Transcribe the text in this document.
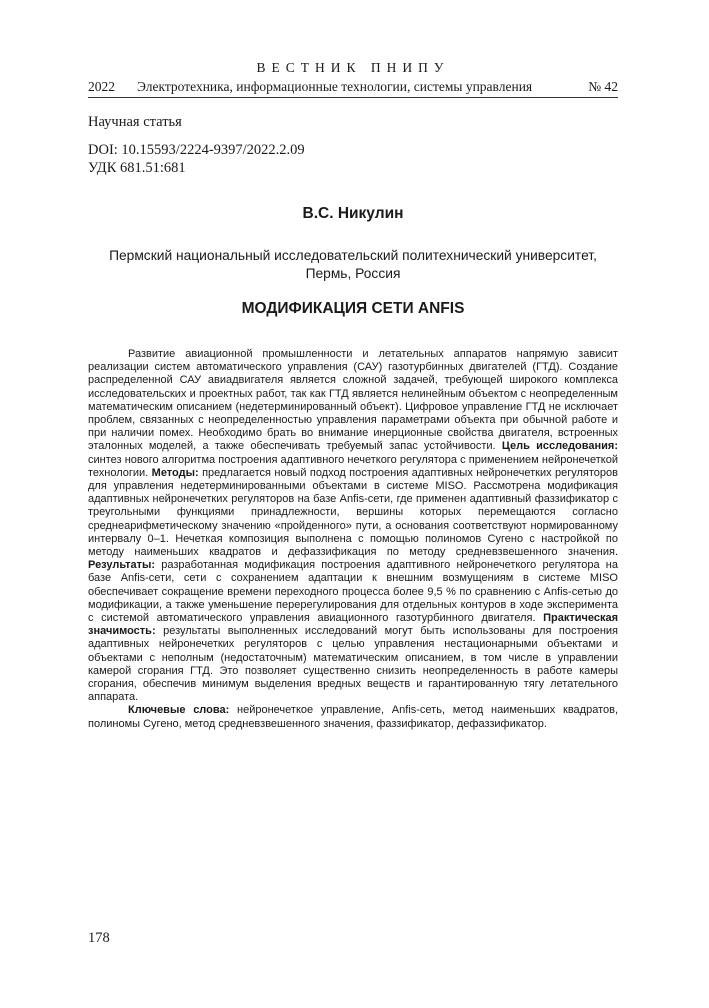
ВЕСТНИК ПНИПУ
2022 Электротехника, информационные технологии, системы управления	№ 42
Научная статья
DOI: 10.15593/2224-9397/2022.2.09
УДК 681.51:681
В.С. Никулин
Пермский национальный исследовательский политехнический университет,
Пермь, Россия
МОДИФИКАЦИЯ СЕТИ ANFIS

Развитие авиационной промышленности и летательных аппаратов напрямую зависит реализации систем автоматического управления (САУ) газотурбинных двигателей (ГТД). Создание распределенной САУ авиадвигателя является сложной задачей, требующей широкого комплекса исследовательских и проектных работ, так как ГТД является нелинейным объектом с неопределенным математическим описанием (недетерминированный объект). Цифровое управление ГТД не исключает проблем, связанных с неопределенностью управления параметрами объекта при обычной работе и при наличии помех. Необходимо брать во внимание инерционные свойства двигателя, встроенных эталонных моделей, а также обеспечивать требуемый запас устойчивости. Цель исследования: синтез нового алгоритма построения адаптивного нечеткого регулятора с применением нейронечеткой технологии. Методы: предлагается новый подход построения адаптивных нейронечетких регуляторов для управления недетерминированными объектами в системе MISO. Рассмотрена модификация адаптивных нейронечетких регуляторов на базе Anfis-сети, где применен адаптивный фаззификатор с треугольными функциями принадлежности, вершины которых перемещаются согласно среднеарифметическому значению «пройденного» пути, а основания соответствуют нормированному интервалу 0–1. Нечеткая композиция выполнена с помощью полиномов Сугено с настройкой по методу наименьших квадратов и дефаззификация по методу средневзвешенного значения. Результаты: разработанная модификация построения адаптивного нейронечеткого регулятора на базе Anfis-сети, сети с сохранением адаптации к внешним возмущениям в системе MISO обеспечивает сокращение времени переходного процесса более 9,5 % по сравнению с Anfis-сетью до модификации, а также уменьшение перерегулирования для отдельных контуров в ходе эксперимента с системой автоматического управления авиационного газотурбинного двигателя. Практическая значимость: результаты выполненных исследований могут быть использованы для построения адаптивных нейронечетких регуляторов с целью управления нестационарными объектами и объектами с неполным (недостаточным) математическим описанием, в том числе в управлении камерой сгорания ГТД. Это позволяет существенно снизить неопределенность в работе камеры сгорания, обеспечив минимум выделения вредных веществ и гарантированную тягу летательного аппарата.

Ключевые слова: нейронечеткое управление, Anfis-сеть, метод наименьших квадратов, полиномы Сугено, метод средневзвешенного значения, фаззификатор, дефаззификатор.

178
